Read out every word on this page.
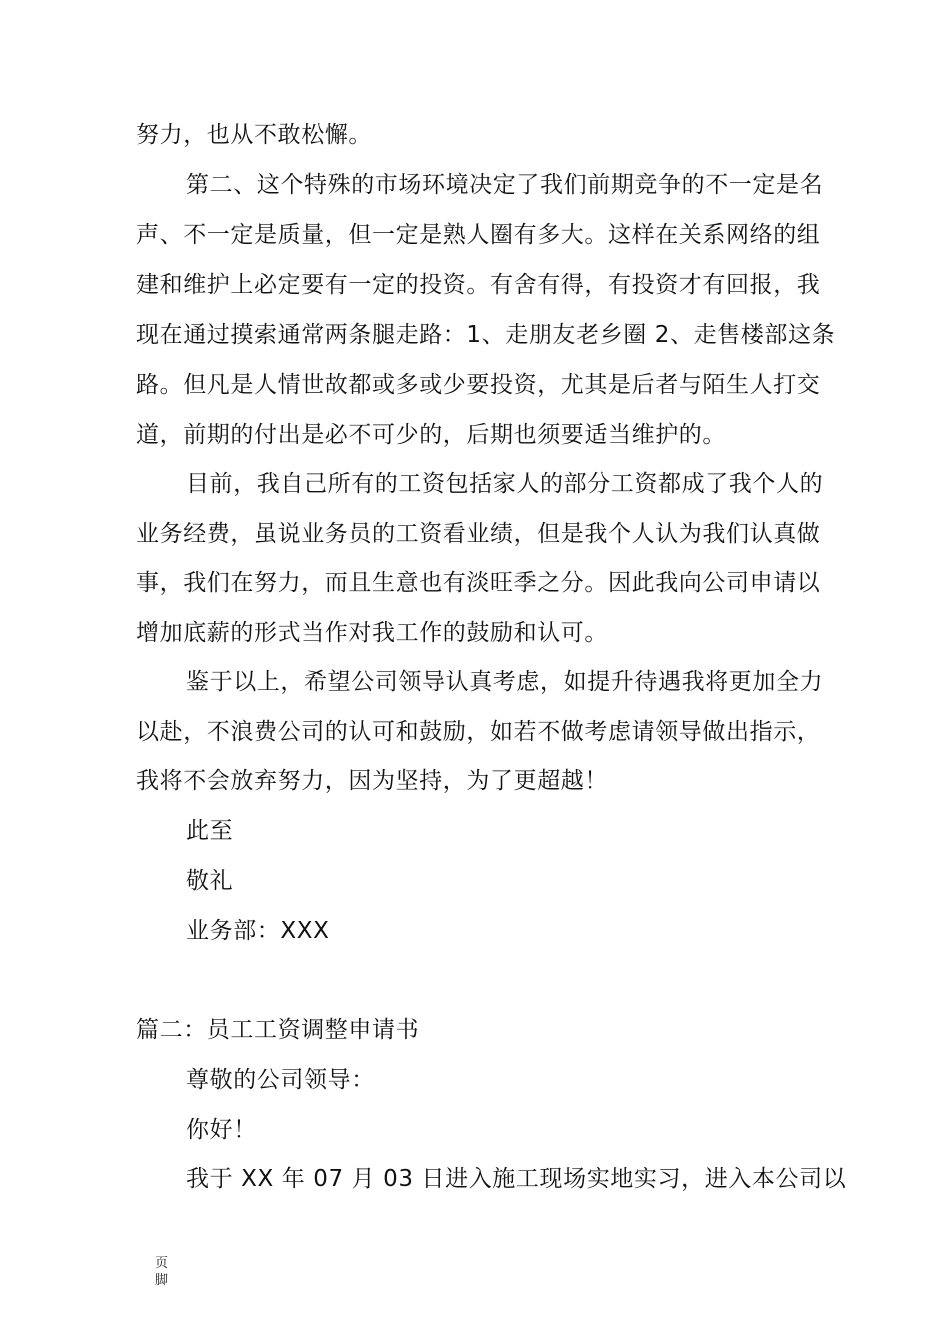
努力，也从不敢松懈。
第二、这个特殊的市场环境决定了我们前期竞争的不一定是名
声、不一定是质量，但一定是熟人圈有多大。这样在关系网络的组
建和维护上必定要有一定的投资。有舍有得，有投资才有回报，我
现在通过摸索通常两条腿走路：1、走朋友老乡圈 2、走售楼部这条
路。但凡是人情世故都或多或少要投资，尤其是后者与陌生人打交
道，前期的付出是必不可少的，后期也须要适当维护的。
目前，我自己所有的工资包括家人的部分工资都成了我个人的
业务经费，虽说业务员的工资看业绩，但是我个人认为我们认真做
事，我们在努力，而且生意也有淡旺季之分。因此我向公司申请以
增加底薪的形式当作对我工作的鼓励和认可。
鉴于以上，希望公司领导认真考虑，如提升待遇我将更加全力
以赴，不浪费公司的认可和鼓励，如若不做考虑请领导做出指示，
我将不会放弃努力，因为坚持，为了更超越！
此至
敬礼
业务部：XXX
篇二：员工工资调整申请书
尊敬的公司领导：
你好！
我于 XX 年 07 月 03 日进入施工现场实地实习，进入本公司以
页脚
